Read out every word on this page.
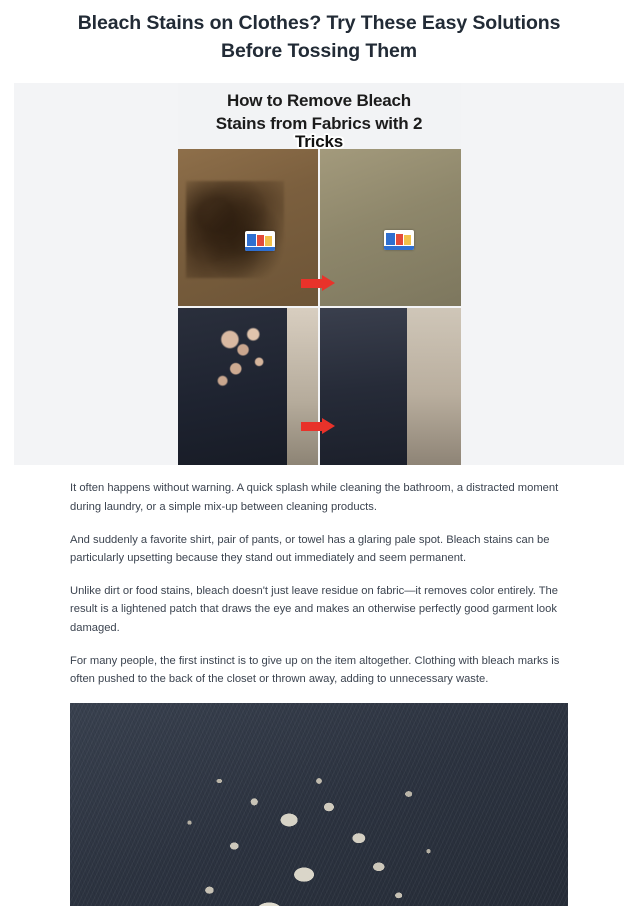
Bleach Stains on Clothes? Try These Easy Solutions Before Tossing Them
How to Remove Bleach
Stains from Fabrics with 2
Tricks

It often happens without warning. A quick splash while cleaning the bathroom, a distracted moment during laundry, or a simple mix-up between cleaning products.

And suddenly a favorite shirt, pair of pants, or towel has a glaring pale spot. Bleach stains can be particularly upsetting because they stand out immediately and seem permanent.

Unlike dirt or food stains, bleach doesn't just leave residue on fabric—it removes color entirely. The result is a lightened patch that draws the eye and makes an otherwise perfectly good garment look damaged.

For many people, the first instinct is to give up on the item altogether. Clothing with bleach marks is often pushed to the back of the closet or thrown away, adding to unnecessary waste.
